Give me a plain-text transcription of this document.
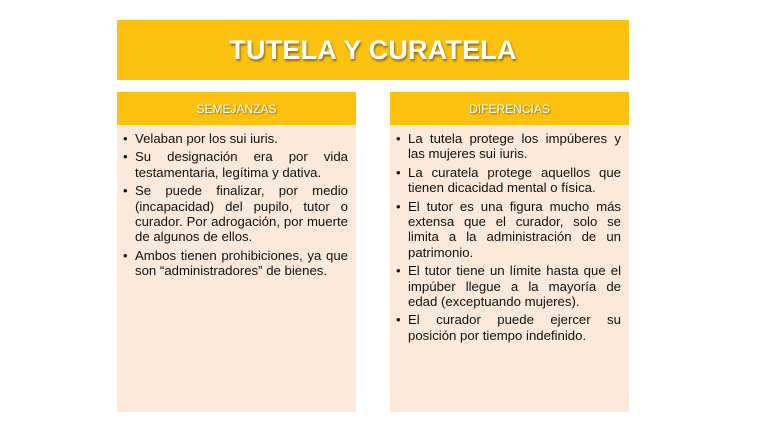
TUTELA Y CURATELA
SEMEJANZAS
• Velaban por los sui iuris.
• Su designación era por vida testamentaria, legítima y dativa.
• Se puede finalizar, por medio (incapacidad) del pupilo, tutor o curador. Por adrogación, por muerte de algunos de ellos.
• Ambos tienen prohibiciones, ya que son “administradores” de bienes.
DIFERENCIAS
• La tutela protege los impúberes y las mujeres sui iuris.
• La curatela protege aquellos que tienen dicacidad mental o física.
• El tutor es una figura mucho más extensa que el curador, solo se limita a la administración de un patrimonio.
• El tutor tiene un límite hasta que el impúber llegue a la mayoría de edad (exceptuando mujeres).
• El curador puede ejercer su posición por tiempo indefinido.
